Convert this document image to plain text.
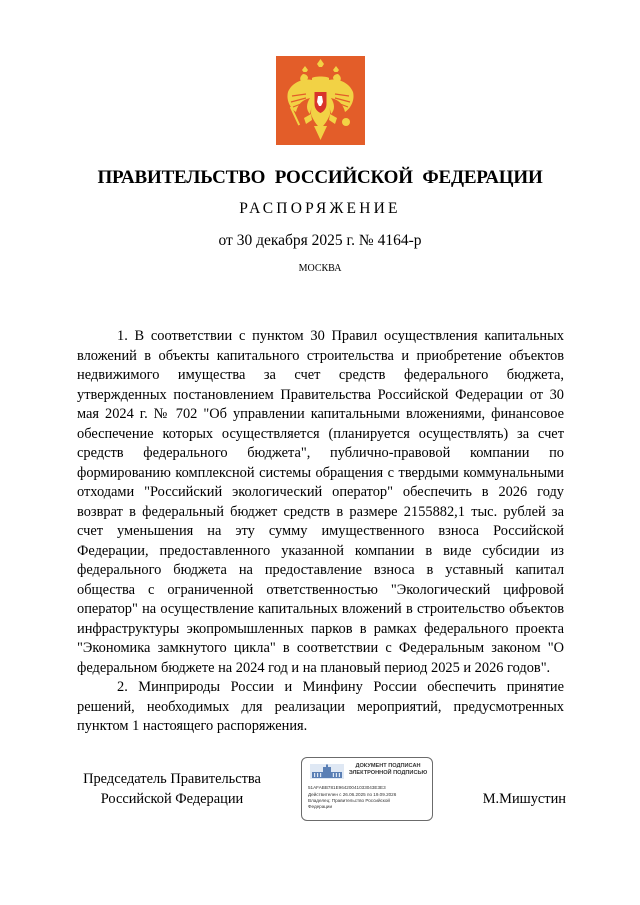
ПРАВИТЕЛЬСТВО РОССИЙСКОЙ ФЕДЕРАЦИИ
РАСПОРЯЖЕНИЕ
от 30 декабря 2025 г. № 4164-р
МОСКВА

1. В соответствии с пунктом 30 Правил осуществления капитальных вложений в объекты капитального строительства и приобретение объектов недвижимого имущества за счет средств федерального бюджета, утвержденных постановлением Правительства Российской Федерации от 30 мая 2024 г. № 702 "Об управлении капитальными вложениями, финансовое обеспечение которых осуществляется (планируется осуществлять) за счет средств федерального бюджета", публично-правовой компании по формированию комплексной системы обращения с твердыми коммунальными отходами "Российский экологический оператор" обеспечить в 2026 году возврат в федеральный бюджет средств в размере 2155882,1 тыс. рублей за счет уменьшения на эту сумму имущественного взноса Российской Федерации, предоставленного указанной компании в виде субсидии из федерального бюджета на предоставление взноса в уставный капитал общества с ограниченной ответственностью "Экологический цифровой оператор" на осуществление капитальных вложений в строительство объектов инфраструктуры экопромышленных парков в рамках федерального проекта "Экономика замкнутого цикла" в соответствии с Федеральным законом "О федеральном бюджете на 2024 год и на плановый период 2025 и 2026 годов".

2. Минприроды России и Минфину России обеспечить принятие решений, необходимых для реализации мероприятий, предусмотренных пунктом 1 настоящего распоряжения.

Председатель Правительства
Российской Федерации
ДОКУМЕНТ ПОДПИСАН
ЭЛЕКТРОННОЙ ПОДПИСЬЮ
51AFABB781E96420041033043E3E3
Действителен с 26.06.2025 по 19.09.2026
Владелец: Правительство Российской Федерации	М.Мишустин
